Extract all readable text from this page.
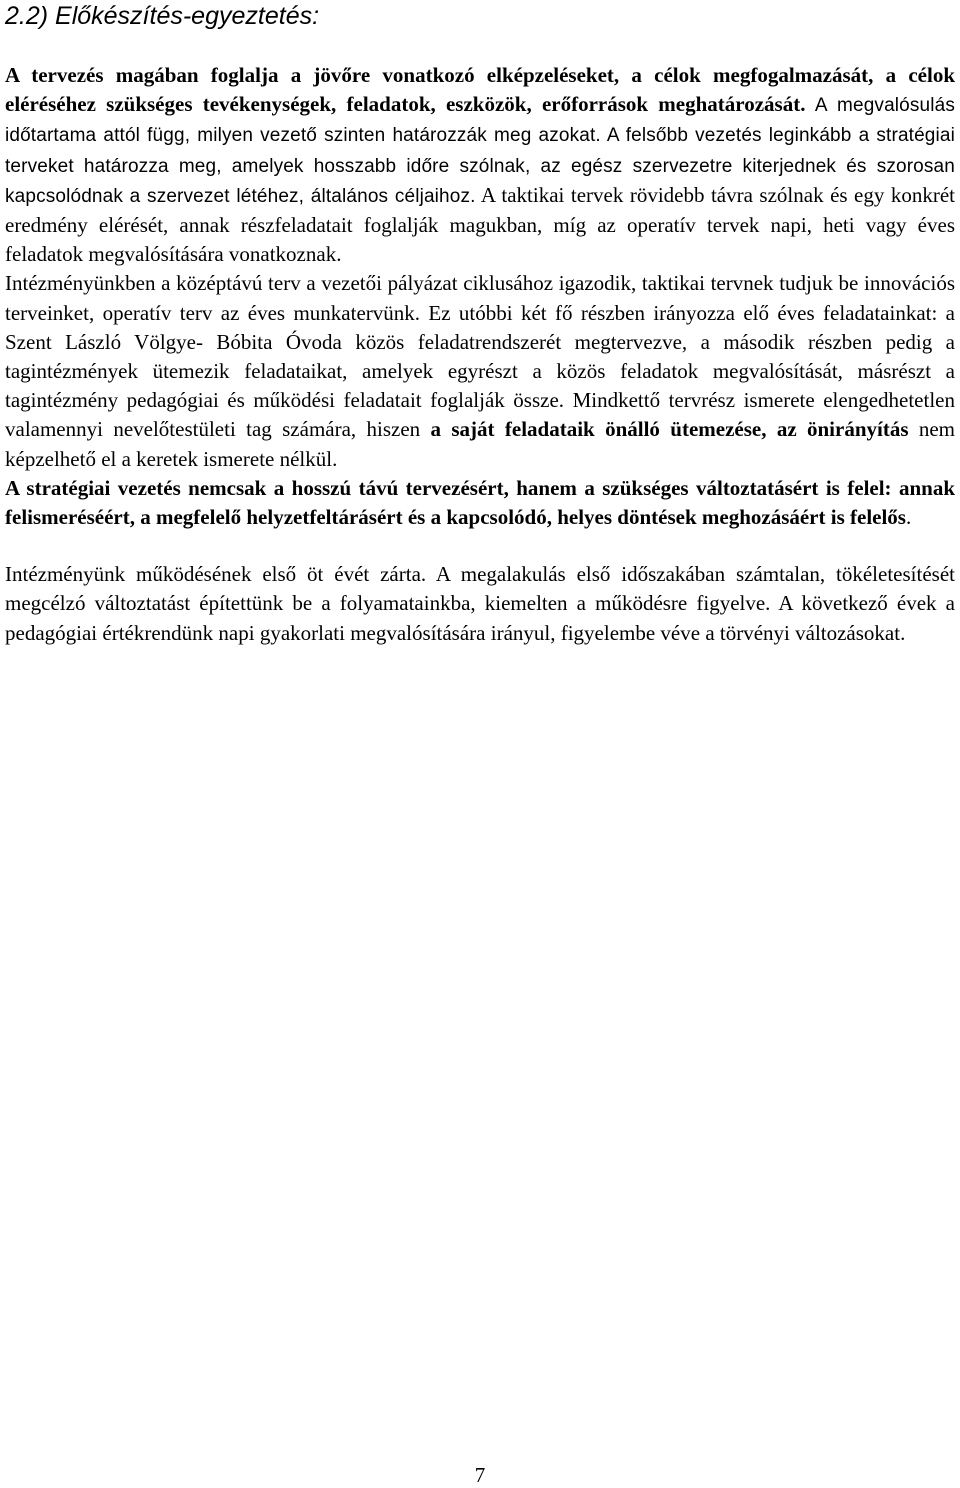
2.2) Előkészítés-egyeztetés:

A tervezés magában foglalja a jövőre vonatkozó elképzeléseket, a célok megfogalmazását, a célok eléréséhez szükséges tevékenységek, feladatok, eszközök, erőforrások meghatározását. A megvalósulás időtartama attól függ, milyen vezető szinten határozzák meg azokat. A felsőbb vezetés leginkább a stratégiai terveket határozza meg, amelyek hosszabb időre szólnak, az egész szervezetre kiterjednek és szorosan kapcsolódnak a szervezet létéhez, általános céljaihoz. A taktikai tervek rövidebb távra szólnak és egy konkrét eredmény elérését, annak részfeladatait foglalják magukban, míg az operatív tervek napi, heti vagy éves feladatok megvalósítására vonatkoznak.

Intézményünkben a középtávú terv a vezetői pályázat ciklusához igazodik, taktikai tervnek tudjuk be innovációs terveinket, operatív terv az éves munkatervünk. Ez utóbbi két fő részben irányozza elő éves feladatainkat: a Szent László Völgye- Bóbita Óvoda közös feladatrendszerét megtervezve, a második részben pedig a tagintézmények ütemezik feladataikat, amelyek egyrészt a közös feladatok megvalósítását, másrészt a tagintézmény pedagógiai és működési feladatait foglalják össze. Mindkettő tervrész ismerete elengedhetetlen valamennyi nevelőtestületi tag számára, hiszen a saját feladataik önálló ütemezése, az önirányítás nem képzelhető el a keretek ismerete nélkül.

A stratégiai vezetés nemcsak a hosszú távú tervezésért, hanem a szükséges változtatásért is felel: annak felismeréséért, a megfelelő helyzetfeltárásért és a kapcsolódó, helyes döntések meghozásáért is felelős.

Intézményünk működésének első öt évét zárta. A megalakulás első időszakában számtalan, tökéletesítését megcélzó változtatást építettünk be a folyamatainkba, kiemelten a működésre figyelve. A következő évek a pedagógiai értékrendünk napi gyakorlati megvalósítására irányul, figyelembe véve a törvényi változásokat.

7
